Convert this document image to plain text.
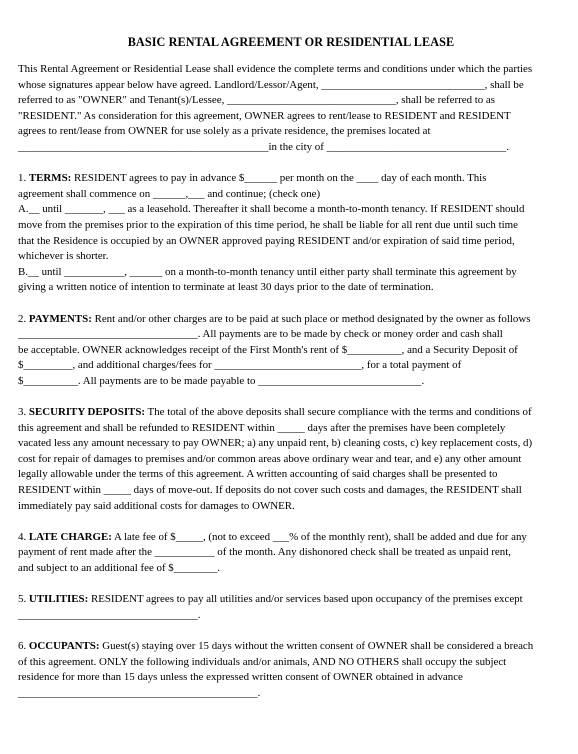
BASIC RENTAL AGREEMENT OR RESIDENTIAL LEASE
This Rental Agreement or Residential Lease shall evidence the complete terms and conditions under which the parties
whose signatures appear below have agreed. Landlord/Lessor/Agent, ______________________________, shall be
referred to as "OWNER" and Tenant(s)/Lessee, _______________________________, shall be referred to as
"RESIDENT." As consideration for this agreement, OWNER agrees to rent/lease to RESIDENT and RESIDENT
agrees to rent/lease from OWNER for use solely as a private residence, the premises located at
______________________________________________in the city of _________________________________.
1. TERMS: RESIDENT agrees to pay in advance $______ per month on the ____ day of each month. This
agreement shall commence on ______,___ and continue; (check one)
A.__ until _______, ___ as a leasehold. Thereafter it shall become a month-to-month tenancy. If RESIDENT should
move from the premises prior to the expiration of this time period, he shall be liable for all rent due until such time
that the Residence is occupied by an OWNER approved paying RESIDENT and/or expiration of said time period,
whichever is shorter.
B.__ until ___________, ______ on a month-to-month tenancy until either party shall terminate this agreement by
giving a written notice of intention to terminate at least 30 days prior to the date of termination.
2. PAYMENTS: Rent and/or other charges are to be paid at such place or method designated by the owner as follows
_________________________________. All payments are to be made by check or money order and cash shall
be acceptable. OWNER acknowledges receipt of the First Month's rent of $__________, and a Security Deposit of
$_________, and additional charges/fees for ___________________________, for a total payment of
$__________. All payments are to be made payable to ______________________________.
3. SECURITY DEPOSITS: The total of the above deposits shall secure compliance with the terms and conditions of
this agreement and shall be refunded to RESIDENT within _____ days after the premises have been completely
vacated less any amount necessary to pay OWNER; a) any unpaid rent, b) cleaning costs, c) key replacement costs, d)
cost for repair of damages to premises and/or common areas above ordinary wear and tear, and e) any other amount
legally allowable under the terms of this agreement. A written accounting of said charges shall be presented to
RESIDENT within _____ days of move-out. If deposits do not cover such costs and damages, the RESIDENT shall
immediately pay said additional costs for damages to OWNER.
4. LATE CHARGE: A late fee of $_____, (not to exceed ___% of the monthly rent), shall be added and due for any
payment of rent made after the ___________ of the month. Any dishonored check shall be treated as unpaid rent,
and subject to an additional fee of $________.
5. UTILITIES: RESIDENT agrees to pay all utilities and/or services based upon occupancy of the premises except
_________________________________.
6. OCCUPANTS: Guest(s) staying over 15 days without the written consent of OWNER shall be considered a breach
of this agreement. ONLY the following individuals and/or animals, AND NO OTHERS shall occupy the subject
residence for more than 15 days unless the expressed written consent of OWNER obtained in advance
____________________________________________.
